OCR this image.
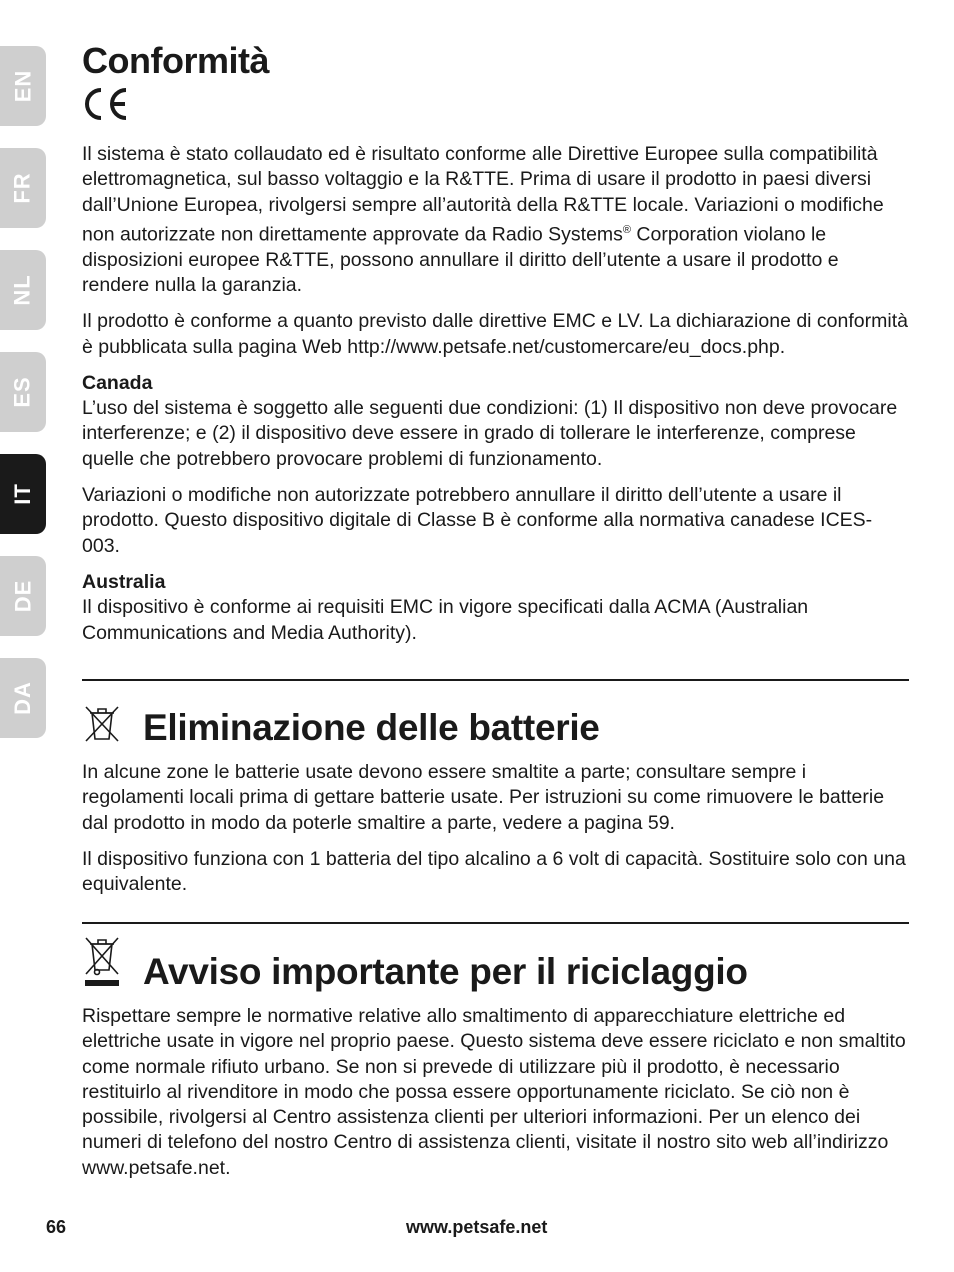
EN
FR
NL
ES
IT
DE
DA
Conformità

Il sistema è stato collaudato ed è risultato conforme alle Direttive Europee sulla compatibilità elettromagnetica, sul basso voltaggio e la R&TTE. Prima di usare il prodotto in paesi diversi dall’Unione Europea, rivolgersi sempre all’autorità della R&TTE locale. Variazioni o modifiche non autorizzate non direttamente approvate da Radio Systems® Corporation violano le disposizioni europee R&TTE, possono annullare il diritto dell’utente a usare il prodotto e rendere nulla la garanzia.

Il prodotto è conforme a quanto previsto dalle direttive EMC e LV. La dichiarazione di conformità è pubblicata sulla pagina Web http://www.petsafe.net/customercare/eu_docs.php.

Canada

L’uso del sistema è soggetto alle seguenti due condizioni: (1) Il dispositivo non deve provocare interferenze; e (2) il dispositivo deve essere in grado di tollerare le interferenze, comprese quelle che potrebbero provocare problemi di funzionamento.

Variazioni o modifiche non autorizzate potrebbero annullare il diritto dell’utente a usare il prodotto. Questo dispositivo digitale di Classe B è conforme alla normativa canadese ICES-003.

Australia

Il dispositivo è conforme ai requisiti EMC in vigore specificati dalla ACMA (Australian Communications and Media Authority).

Eliminazione delle batterie

In alcune zone le batterie usate devono essere smaltite a parte; consultare sempre i regolamenti locali prima di gettare batterie usate. Per istruzioni su come rimuovere le batterie dal prodotto in modo da poterle smaltire a parte, vedere a pagina 59.

Il dispositivo funziona con 1 batteria del tipo alcalino a 6 volt di capacità. Sostituire solo con una equivalente.

Avviso importante per il riciclaggio

Rispettare sempre le normative relative allo smaltimento di apparecchiature elettriche ed elettriche usate in vigore nel proprio paese. Questo sistema deve essere riciclato e non smaltito come normale rifiuto urbano. Se non si prevede di utilizzare più il prodotto, è necessario restituirlo al rivenditore in modo che possa essere opportunamente riciclato. Se ciò non è possibile, rivolgersi al Centro assistenza clienti per ulteriori informazioni. Per un elenco dei numeri di telefono del nostro Centro di assistenza clienti, visitate il nostro sito web all’indirizzo www.petsafe.net.

66	www.petsafe.net
